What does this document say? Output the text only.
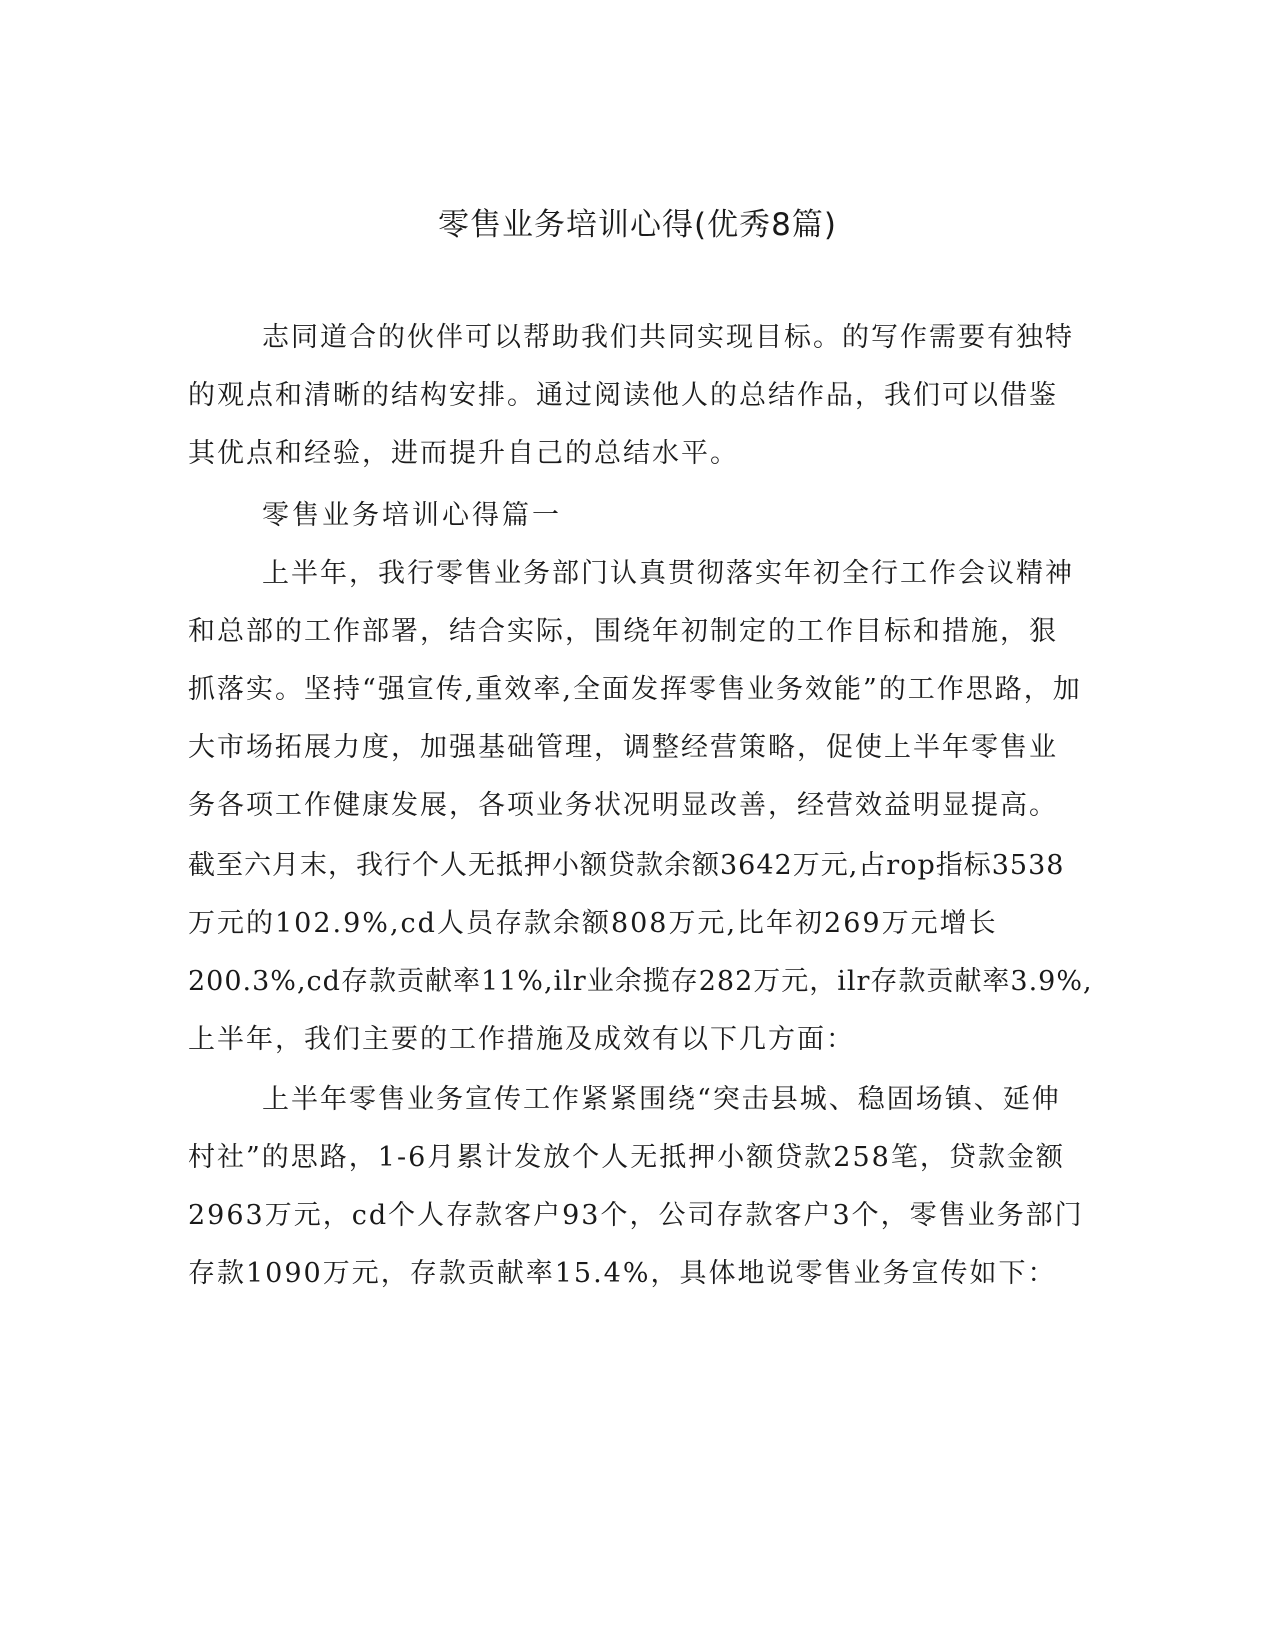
零售业务培训心得(优秀8篇)
志同道合的伙伴可以帮助我们共同实现目标。的写作需要有独特
的观点和清晰的结构安排。通过阅读他人的总结作品，我们可以借鉴
其优点和经验，进而提升自己的总结水平。
零售业务培训心得篇一
上半年，我行零售业务部门认真贯彻落实年初全行工作会议精神
和总部的工作部署，结合实际，围绕年初制定的工作目标和措施，狠
抓落实。坚持“强宣传,重效率,全面发挥零售业务效能”的工作思路，加
大市场拓展力度，加强基础管理，调整经营策略，促使上半年零售业
务各项工作健康发展，各项业务状况明显改善，经营效益明显提高。
截至六月末，我行个人无抵押小额贷款余额3642万元,占rop指标3538
万元的102.9%,cd人员存款余额808万元,比年初269万元增长
200.3%,cd存款贡献率11%,ilr业余揽存282万元，ilr存款贡献率3.9%,
上半年，我们主要的工作措施及成效有以下几方面：
上半年零售业务宣传工作紧紧围绕“突击县城、稳固场镇、延伸
村社”的思路，1-6月累计发放个人无抵押小额贷款258笔，贷款金额
2963万元，cd个人存款客户93个，公司存款客户3个，零售业务部门
存款1090万元，存款贡献率15.4%，具体地说零售业务宣传如下：
